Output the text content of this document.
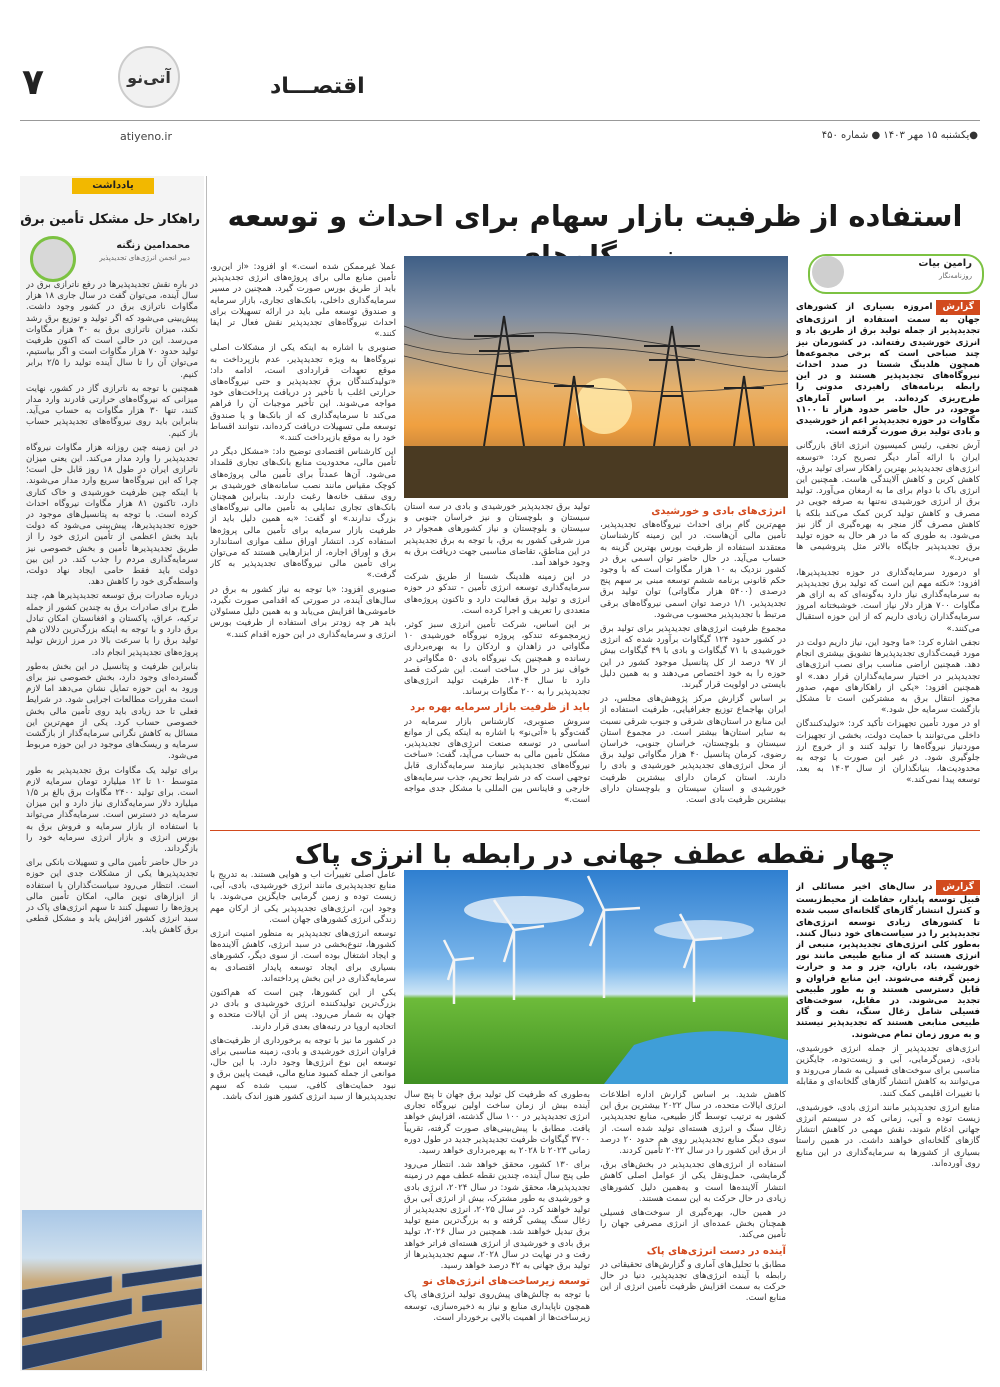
۷	آتی‌نو	اقتصـــاد
atiyeno.ir	●یکشنبه ۱۵ مهر ۱۴۰۳ ● شماره ۴۵۰
یادداشت
راهکار حل مشکل تأمین برق
محمدامین زنگنه
دبیر انجمن انرژی‌های تجدیدپذیر

در باره نقش تجدیدپذیرها در رفع ناترازی برق در سال آینده، می‌توان گفت در سال جاری ۱۸ هزار مگاوات ناترازی برق در کشور وجود داشت. پیش‌بینی می‌شود که اگر تولید و توزیع برق رشد نکند، میزان ناترازی برق به ۳۰ هزار مگاوات می‌رسد. این در حالی است که اکنون ظرفیت تولید حدود ۷۰ هزار مگاوات است و اگر بیاستیم، می‌توان آن را تا سال آینده تولید را ۲/۵ برابر کنیم.

همچنین با توجه به ناترازی گاز در کشور، نهایت میزانی که نیروگاه‌های حرارتی قادرند وارد مدار کنند، تنها ۳۰ هزار مگاوات به حساب می‌آید. بنابراین باید روی نیروگاه‌های تجدیدپذیر حساب باز کنیم.

در این زمینه چین روزانه هزار مگاوات نیروگاه تجدیدپذیر را وارد مدار می‌کند. این یعنی میزان ناترازی ایران در طول ۱۸ روز قابل حل است؛ چرا که این نیروگاه‌ها سریع وارد مدار می‌شوند. با اینکه چین ظرفیت خورشیدی و خاک کناری دارد، تاکنون ۸۱ هزار مگاوات نیروگاه احداث کرده است. با توجه به پتانسیل‌های موجود در حوزه تجدیدپذیرها، پیش‌بینی می‌شود که دولت باید بخش اعظمی از تأمین انرژی خود را از طریق تجدیدپذیرها تأمین و بخش خصوصی نیز سرمایه‌گذاری مردم را جذب کند. در این بین دولت باید فقط حامی ایجاد نهاد دولت، واسطه‌گری خود را کاهش دهد.

درباره صادرات برق توسعه تجدیدپذیرها هم، چند طرح برای صادرات برق به چندین کشور از جمله ترکیه، عراق، پاکستان و افغانستان امکان تبادل برق دارد و با توجه به اینکه بزرگ‌ترین دلالان هم تولید برق را با سرعت بالا در مرز ارزش تولید پروژه‌های تجدیدپذیر انجام داد.

بنابراین ظرفیت و پتانسیل در این بخش به‌طور گسترده‌ای وجود دارد، بخش خصوصی نیز برای ورود به این حوزه تمایل نشان می‌دهد اما لازم است مقررات مطالعات اجرایی شود. در شرایط فعلی تا حد زیادی باید روی تأمین مالی بخش خصوصی حساب کرد. یکی از مهم‌ترین این مسائل به کاهش نگرانی سرمایه‌گذار از بازگشت سرمایه و ریسک‌های موجود در این حوزه مربوط می‌شود.

برای تولید یک مگاوات برق تجدیدپذیر به طور متوسط ۱۰ تا ۱۲ میلیارد تومان سرمایه لازم است. برای تولید ۲۴۰۰ مگاوات برق بالغ بر ۱/۵ میلیارد دلار سرمایه‌گذاری نیاز دارد و این میزان سرمایه در دسترس است. سرمایه‌گذار می‌تواند با استفاده از بازار سرمایه و فروش برق به بورس انرژی و بازار انرژی سرمایه خود را بازگرداند.

در حال حاضر تأمین مالی و تسهیلات بانکی برای تجدیدپذیرها یکی از مشکلات جدی این حوزه است. انتظار می‌رود سیاست‌گذاران با استفاده از ابزارهای نوین مالی، امکان تأمین مالی پروژه‌ها را تسهیل کنند تا سهم انرژی‌های پاک در سبد انرژی کشور افزایش یابد و مشکل قطعی برق کاهش یابد.

استفاده از ظرفیت بازار سهام برای احداث و توسعه
رامین بیات
روزنامه‌نگار

گزارشامروزه بسیاری از کشورهای جهان به سمت استفاده از انرژی‌های تجدیدپذیر از جمله تولید برق از طریق باد و انرژی خورشیدی رفته‌اند. در کشورمان نیز چند صباحی است که برخی مجموعه‌ها همچون هلدینگ شستا در صدد احداث نیروگاه‌های تجدیدپذیر هستند و در این رابطه برنامه‌های راهبردی مدونی را طرح‌ریزی کرده‌اند. بر اساس آمارهای موجود، در حال حاضر حدود هزار تا ۱۱۰۰ مگاوات در حوزه تجدیدپذیر اعم از خورشیدی و بادی تولید برق صورت گرفته است.

آرش نجفی، رئیس کمیسیون انرژی اتاق بازرگانی ایران با ارائه آمار دیگر تصریح کرد: «توسعه انرژی‌های تجدیدپذیر بهترین راهکار سرای تولید برق، کاهش کربن و کاهش آلایندگی هاست. همچنین این انرژی باک با دوام برای ما به ارمغان می‌آورد. تولید برق از انرژی خورشیدی نه‌تنها به صرفه جویی در مصرف و کاهش تولید کربن کمک می‌کند بلکه با کاهش مصرف گاز منجر به بهره‌گیری از گاز نیز می‌شود. به طوری که ما در هر حال به حوزه تولید برق تجدیدپذیر جایگاه بالاتر مثل پتروشیمی ها می‌برد.»

او درمورد سرمایه‌گذاری در حوزه تجدیدپذیرها، افزود: «نکته مهم این است که تولید برق تجدیدپذیر به سرمایه‌گذاری نیاز دارد به‌گونه‌ای که به ازای هر مگاوات ۷۰۰ هزار دلار نیاز است. خوشبختانه امروز سرمایه‌گذاران زیادی داریم که از این حوزه استقبال می‌کنند.»

نجفی اشاره کرد: «ما وجود این، نیاز داریم دولت در مورد قیمت‌گذاری تجدیدپذیرها تشویق بیشتری انجام دهد. همچنین اراضی مناسب برای نصب انرژی‌های تجدیدپذیر در اختیار سرمایه‌گذاران قرار دهد.» او همچنین افزود: «یکی از راهکارهای مهم، صدور مجوز انتقال برق به مشترکین است تا مشکل بازگشت سرمایه حل شود.»

او در مورد تأمین تجهیزات تأکید کرد: «تولیدکنندگان داخلی می‌توانند با حمایت دولت، بخشی از تجهیزات موردنیاز نیروگاه‌ها را تولید کنند و از خروج ارز جلوگیری شود. در غیر این صورت با توجه به محدودیت‌ها، بنیانگذاران از سال ۱۴۰۳ به بعد، توسعه پیدا نمی‌کند.»

انرژی‌های بادی و خورشیدی

مهم‌ترین گام برای احداث نیروگاه‌های تجدیدپذیر، تأمین مالی آن‌هاست. در این زمینه کارشناسان معتقدند استفاده از ظرفیت بورس بهترین گزینه به حساب می‌آید. در حال حاضر توان اسمی برق در کشور نزدیک به ۱۰ هزار مگاوات است که با وجود حکم قانونی برنامه ششم توسعه مبنی بر سهم پنج درصدی (۵۴۰۰ هزار مگاواتی) توان تولید برق تجدیدپذیر، ۱/۱ درصد توان اسمی نیروگاه‌های برقی مرتبط با تجدیدپذیر محسوب می‌شود.

مجموع ظرفیت انرژی‌های تجدیدپذیر برای تولید برق در کشور حدود ۱۲۴ گیگاوات برآورد شده که انرژی خورشیدی با ۷۱ گیگاوات و بادی با ۴۹ گیگاوات بیش از ۹۷ درصد از کل پتانسیل موجود کشور در این حوزه را به خود اختصاص می‌دهند و به همین دلیل بایستی در اولویت قرار گیرند.

بر اساس گزارش مرکز پژوهش‌های مجلس، در ایران بهاجماع توزیع جغرافیایی، ظرفیت استفاده از این منابع در استان‌های شرقی و جنوب شرقی نسبت به سایر استان‌ها بیشتر است. در مجموع استان سیستان و بلوچستان، خراسان جنوبی، خراسان رضوی، کرمان پتانسیل ۴۰ هزار مگاواتی تولید برق از محل انرژی‌های تجدیدپذیر خورشیدی و بادی را دارند. استان کرمان دارای بیشترین ظرفیت خورشیدی و استان سیستان و بلوچستان دارای بیشترین ظرفیت بادی است.

تولید برق تجدیدپذیر خورشیدی و بادی در سه استان سیستان و بلوچستان و نیز خراسان جنوبی و سیستان و بلوچستان و نیاز کشورهای همجوار در مرز شرقی کشور به برق، با توجه به برق تجدیدپذیر در این مناطق، تقاضای مناسبی جهت دریافت برق به وجود خواهد آمد.

در این زمینه هلدینگ شستا از طریق شرکت سرمایه‌گذاری توسعه انرژی تأمین - تندکو در حوزه انرژی و تولید برق فعالیت دارد و تاکنون پروژه‌های متعددی را تعریف و اجرا کرده است.

بر این اساس، شرکت تأمین انرژی سبز کوثر، زیرمجموعه تندکو، پروژه نیروگاه خورشیدی ۱۰ مگاواتی در زاهدان و اردکان را به بهره‌برداری رسانده و همچنین یک نیروگاه بادی ۵۰ مگاواتی در خواف نیز در حال ساخت است. این شرکت قصد دارد تا سال ۱۴۰۴، ظرفیت تولید انرژی‌های تجدیدپذیر را به ۲۰۰ مگاوات برساند.

باید از ظرفیت بازار سرمایه بهره برد

سروش صنوبری، کارشناس بازار سرمایه در گفت‌وگو با «آتی‌نو» با اشاره به اینکه یکی از موانع اساسی در توسعه صنعت انرژی‌های تجدیدپذیر، مشکل تأمین مالی به حساب می‌آید، گفت: «ساخت نیروگاه‌های تجدیدپذیر نیازمند سرمایه‌گذاری قابل توجهی است که در شرایط تحریم، جذب سرمایه‌های خارجی و فاینانس بین المللی با مشکل جدی مواجه است.»

عملاً غیرممکن شده است.» او افزود: «از این‌رو، تأمین منابع مالی برای پروژه‌های انرژی تجدیدپذیر باید از طریق بورس صورت گیرد. همچنین در مسیر سرمایه‌گذاری داخلی، بانک‌های تجاری، بازار سرمایه و صندوق توسعه ملی باید در ارائه تسهیلات برای احداث نیروگاه‌های تجدیدپذیر نقش فعال تر ایفا کنند.»

صنوبری با اشاره به اینکه یکی از مشکلات اصلی نیروگاه‌ها به ویژه تجدیدپذیر، عدم بازپرداخت به موقع تعهدات قراردادی است، ادامه داد: «تولیدکنندگان برق تجدیدپذیر و حتی نیروگاه‌های حرارتی اغلب با تأخیر در دریافت پرداخت‌های خود مواجه می‌شوند. این تأخیر موجبات آن را فراهم می‌کند تا سرمایه‌گذاری که از بانک‌ها و یا صندوق توسعه ملی تسهیلات دریافت کرده‌اند، نتوانند اقساط خود را به موقع بازپرداخت کنند.»

این کارشناس اقتصادی توضیح داد: «مشکل دیگر در تأمین مالی، محدودیت منابع بانک‌های تجاری قلمداد می‌شود. آن‌ها عمدتاً برای تأمین مالی پروژه‌های کوچک مقیاس مانند نصب سامانه‌های خورشیدی بر روی سقف خانه‌ها رغبت دارند. بنابراین همچنان بانک‌های تجاری تمایلی به تأمین مالی نیروگاه‌های بزرگ ندارند.» او گفت: «به همین دلیل باید از ظرفیت بازار سرمایه برای تأمین مالی پروژه‌ها استفاده کرد. انتشار اوراق سلف موازی استاندارد برق و اوراق اجاره، از ابزارهایی هستند که می‌توان برای تأمین مالی نیروگاه‌های تجدیدپذیر به کار گرفت.»

صنوبری افزود: «با توجه به نیاز کشور به برق در سال‌های آینده، در صورتی که اقدامی صورت نگیرد، خاموشی‌ها افزایش می‌یابد و به همین دلیل مسئولان باید هر چه زودتر برای استفاده از ظرفیت بورس انرژی و سرمایه‌گذاری در این حوزه اقدام کنند.»

چهار نقطه عطف جهانی در رابطه با انرژی پاک

گزارشدر سال‌های اخیر مسائلی از قبیل توسعه پایدار، حفاظت از محیط‌زیست و کنترل انتشار گازهای گلخانه‌ای سبب شده تا کشورهای زیادی توسعه انرژی‌های تجدیدپذیر را در سیاست‌های خود دنبال کنند. به‌طور کلی انرژی‌های تجدیدپذیر، منبعی از انرژی هستند که از منابع طبیعی مانند نور خورشید، باد، باران، جزر و مد و حرارت زمین گرفته می‌شوند. این منابع فراوان و قابل دسترسی هستند و به طور طبیعی تجدید می‌شوند. در مقابل، سوخت‌های فسیلی شامل زغال سنگ، نفت و گاز طبیعی منابعی هستند که تجدیدپذیر نیستند و به مرور زمان تمام می‌شوند.

انرژی‌های تجدیدپذیر از جمله انرژی خورشیدی، بادی، زمین‌گرمایی، آبی و زیست‌توده، جایگزین مناسبی برای سوخت‌های فسیلی به شمار می‌روند و می‌توانند به کاهش انتشار گازهای گلخانه‌ای و مقابله با تغییرات اقلیمی کمک کنند.

منابع انرژی تجدیدپذیر مانند انرژی بادی، خورشیدی، زیست توده و آبی، زمانی که در سیستم انرژی جهانی ادغام شوند، نقش مهمی در کاهش انتشار گازهای گلخانه‌ای خواهند داشت. در همین راستا بسیاری از کشورها به سرمایه‌گذاری در این منابع روی آورده‌اند.

کاهش شدید. بر اساس گزارش اداره اطلاعات انرژی ایالات متحده، در سال ۲۰۲۲ بیشترین برق این کشور به ترتیب توسط گاز طبیعی، منابع تجدیدپذیر، زغال سنگ و انرژی هسته‌ای تولید شده است. از سوی دیگر منابع تجدیدپذیر روی هم حدود ۲۰ درصد از برق این کشور را در سال ۲۰۲۲ تأمین کردند.

استفاده از انرژی‌های تجدیدپذیر در بخش‌های برق، گرمایشی، حمل‌ونقل یکی از عوامل اصلی کاهش انتشار آلاینده‌ها است و به‌همین دلیل کشورهای زیادی در حال حرکت به این سمت هستند.

در همین حال، بهره‌گیری از سوخت‌های فسیلی همچنان بخش عمده‌ای از انرژی مصرفی جهان را تأمین می‌کند.

آینده در دست انرژی‌های پاک

مطابق با تحلیل‌های آماری و گزارش‌های تحقیقاتی در رابطه با آینده انرژی‌های تجدیدپذیر، دنیا در حال حرکت به سمت افزایش ظرفیت تأمین انرژی از این منابع است.

به‌طوری که ظرفیت کل تولید برق جهان تا پنج سال آینده بیش از زمان ساخت اولین نیروگاه تجاری انرژی تجدیدپذیر در ۱۰۰ سال گذشته، افزایش خواهد یافت. مطابق با پیش‌بینی‌های صورت گرفته، تقریباً ۳۷۰۰ گیگاوات ظرفیت تجدیدپذیر جدید در طول دوره زمانی ۲۰۲۳ تا ۲۰۲۸ به بهره‌برداری خواهد رسید.

برای ۱۳۰ کشور، محقق خواهد شد. انتظار می‌رود طی پنج سال آینده، چندین نقطه عطف مهم در زمینه تجدیدپذیرها، محقق شود: در سال ۲۰۲۴، انرژی بادی و خورشیدی به طور مشترک، بیش از انرژی آبی برق تولید خواهند کرد. در سال ۲۰۲۵، انرژی تجدیدپذیر از زغال سنگ پیشی گرفته و به بزرگ‌ترین منبع تولید برق تبدیل خواهند شد. همچنین در سال ۲۰۲۶، تولید برق بادی و خورشیدی از انرژی هسته‌ای فراتر خواهد رفت و در نهایت در سال ۲۰۲۸، سهم تجدیدپذیرها از تولید برق جهانی به ۴۲ درصد خواهد رسید.

توسعه زیرساخت‌های انرژی‌های نو

با توجه به چالش‌های پیش‌روی تولید انرژی‌های پاک همچون ناپایداری منابع و نیاز به ذخیره‌سازی، توسعه زیرساخت‌ها از اهمیت بالایی برخوردار است.

عامل اصلی تغییرات آب و هوایی هستند. به تدریج با منابع تجدیدپذیری مانند انرژی خورشیدی، بادی، آبی، زیست توده و زمین گرمایی جایگزین می‌شوند. با وجود این، انرژی‌های تجدیدپذیر یکی از ارکان مهم زندگی انرژی کشورهای جهان است.

توسعه انرژی‌های تجدیدپذیر به منظور امنیت انرژی کشورها، تنوع‌بخشی در سبد انرژی، کاهش آلاینده‌ها و ایجاد اشتغال بوده است. از سوی دیگر، کشورهای بسیاری برای ایجاد توسعه پایدار اقتصادی به سرمایه‌گذاری در این بخش پرداخته‌اند.

یکی از این کشورها، چین است که هم‌اکنون بزرگ‌ترین تولیدکننده انرژی خورشیدی و بادی در جهان به شمار می‌رود. پس از آن ایالات متحده و اتحادیه اروپا در رتبه‌های بعدی قرار دارند.

در کشور ما نیز با توجه به برخورداری از ظرفیت‌های فراوان انرژی خورشیدی و بادی، زمینه مناسبی برای توسعه این نوع انرژی‌ها وجود دارد. با این حال، موانعی از جمله کمبود منابع مالی، قیمت پایین برق و نبود حمایت‌های کافی، سبب شده که سهم تجدیدپذیرها از سبد انرژی کشور هنوز اندک باشد.
